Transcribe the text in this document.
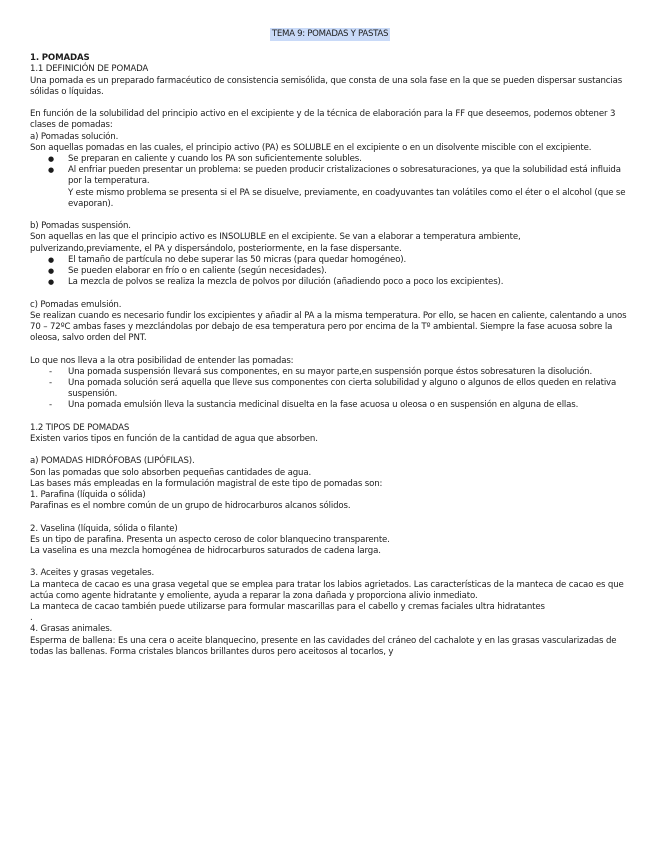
TEMA 9: POMADAS Y PASTAS
1. POMADAS
1.1 DEFINICIÓN DE POMADA

Una pomada es un preparado farmacéutico de consistencia semisólida, que consta de una sola fase en la que se pueden dispersar sustancias sólidas o líquidas.

En función de la solubilidad del principio activo en el excipiente y de la técnica de elaboración para la FF que deseemos, podemos obtener 3 clases de pomadas:

a) Pomadas solución.

Son aquellas pomadas en las cuales, el principio activo (PA) es SOLUBLE en el excipiente o en un disolvente miscible con el excipiente.

● Se preparan en caliente y cuando los PA son suficientemente solubles.
● Al enfriar pueden presentar un problema: se pueden producir cristalizaciones o sobresaturaciones, ya que la solubilidad está influida por la temperatura.

Y este mismo problema se presenta si el PA se disuelve, previamente, en coadyuvantes tan volátiles como el éter o el alcohol (que se evaporan).

b) Pomadas suspensión.

Son aquellas en las que el principio activo es INSOLUBLE en el excipiente. Se van a elaborar a temperatura ambiente, pulverizando,previamente, el PA y dispersándolo, posteriormente, en la fase dispersante.

● El tamaño de partícula no debe superar las 50 micras (para quedar homogéneo).
● Se pueden elaborar en frío o en caliente (según necesidades).
● La mezcla de polvos se realiza la mezcla de polvos por dilución (añadiendo poco a poco los excipientes).
c) Pomadas emulsión.

Se realizan cuando es necesario fundir los excipientes y añadir al PA a la misma temperatura. Por ello, se hacen en caliente, calentando a unos 70 – 72ºC ambas fases y mezclándolas por debajo de esa temperatura pero por encima de la Tº ambiental. Siempre la fase acuosa sobre la oleosa, salvo orden del PNT.

Lo que nos lleva a la otra posibilidad de entender las pomadas:

- Una pomada suspensión llevará sus componentes, en su mayor parte,en suspensión porque éstos sobresaturen la disolución.
- Una pomada solución será aquella que lleve sus componentes con cierta solubilidad y alguno o algunos de ellos queden en relativa suspensión.
- Una pomada emulsión lleva la sustancia medicinal disuelta en la fase acuosa u oleosa o en suspensión en alguna de ellas.
1.2 TIPOS DE POMADAS

Existen varios tipos en función de la cantidad de agua que absorben.

a) POMADAS HIDRÓFOBAS (LIPÓFILAS).

Son las pomadas que solo absorben pequeñas cantidades de agua.

Las bases más empleadas en la formulación magistral de este tipo de pomadas son:

1. Parafina (líquida o sólida)

Parafinas es el nombre común de un grupo de hidrocarburos alcanos sólidos.

2. Vaselina (líquida, sólida o filante)

Es un tipo de parafina. Presenta un aspecto ceroso de color blanquecino transparente.

La vaselina es una mezcla homogénea de hidrocarburos saturados de cadena larga.

3. Aceites y grasas vegetales.

La manteca de cacao es una grasa vegetal que se emplea para tratar los labios agrietados. Las características de la manteca de cacao es que actúa como agente hidratante y emoliente, ayuda a reparar la zona dañada y proporciona alivio inmediato.

La manteca de cacao también puede utilizarse para formular mascarillas para el cabello y cremas faciales ultra hidratantes

.
4. Grasas animales.

Esperma de ballena: Es una cera o aceite blanquecino, presente en las cavidades del cráneo del cachalote y en las grasas vascularizadas de todas las ballenas. Forma cristales blancos brillantes duros pero aceitosos al tocarlos, y
